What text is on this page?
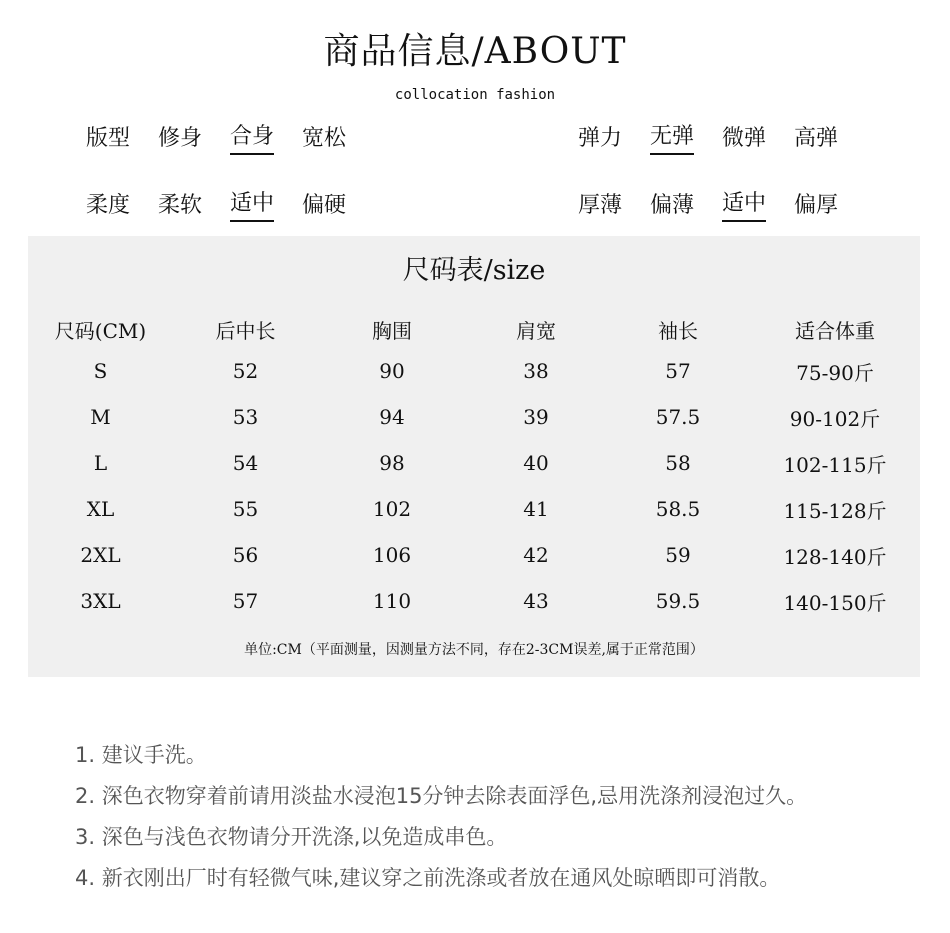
商品信息/ABOUT
collocation fashion
版型 修身 合身 宽松	弹力 无弹 微弹 高弹
柔度 柔软 适中 偏硬	厚薄 偏薄 适中 偏厚
尺码表/size
尺码(CM)	后中长	胸围	肩宽	袖长	适合体重
S	52	90	38	57	75-90斤
M	53	94	39	57.5	90-102斤
L	54	98	40	58	102-115斤
XL	55	102	41	58.5	115-128斤
2XL	56	106	42	59	128-140斤
3XL	57	110	43	59.5	140-150斤
单位:CM（平面测量，因测量方法不同，存在2-3CM误差,属于正常范围）
1. 建议手洗。
2. 深色衣物穿着前请用淡盐水浸泡15分钟去除表面浮色,忌用洗涤剂浸泡过久。
3. 深色与浅色衣物请分开洗涤,以免造成串色。
4. 新衣刚出厂时有轻微气味,建议穿之前洗涤或者放在通风处晾晒即可消散。
